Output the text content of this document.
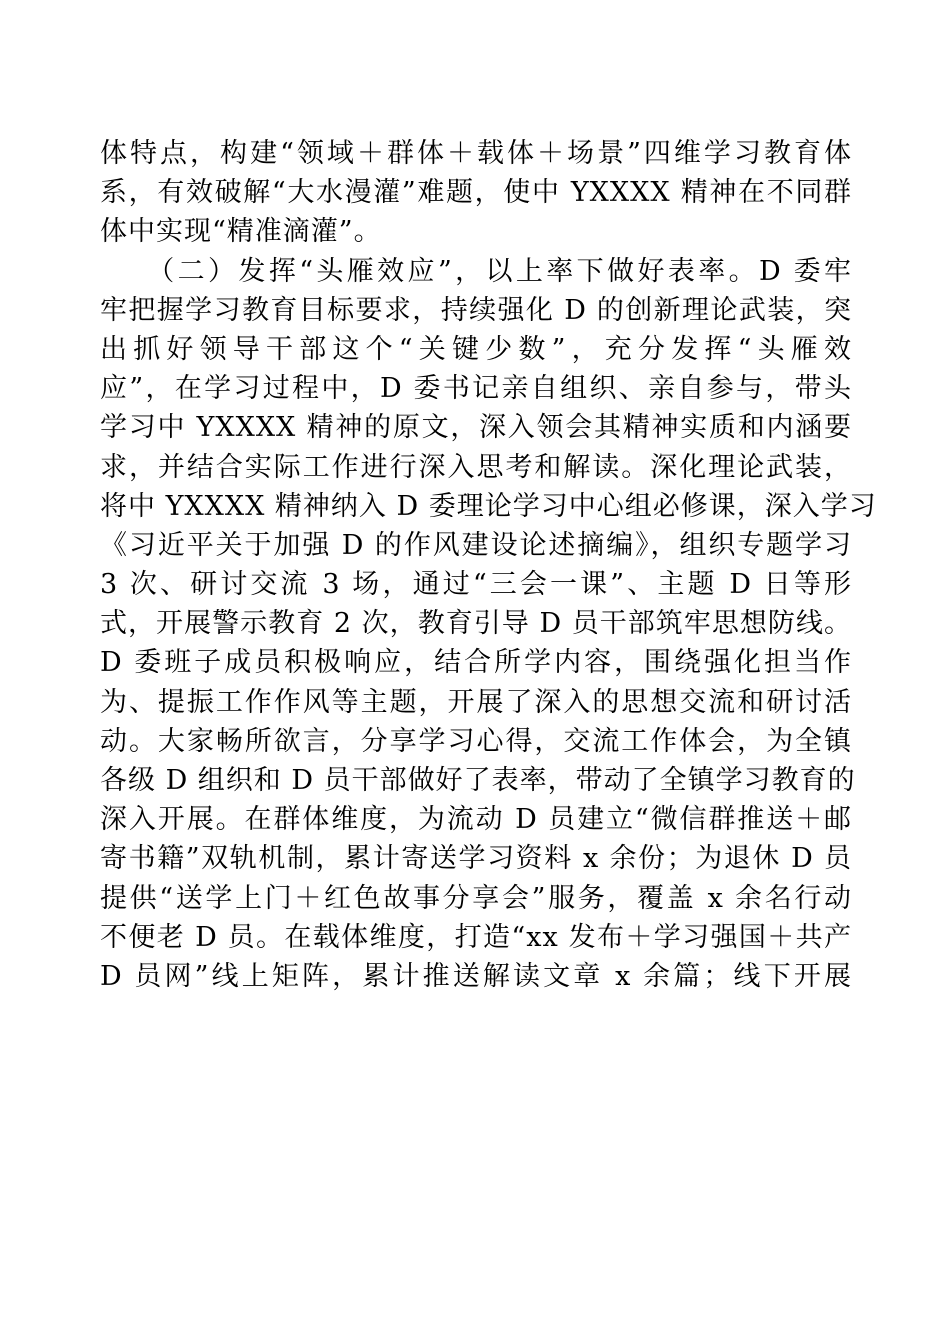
体特点，构建“领域＋群体＋载体＋场景”四维学习教育体
系，有效破解“大水漫灌”难题，使中 YXXXX 精神在不同群
体中实现“精准滴灌”。
　　（二）发挥“头雁效应”，以上率下做好表率。D 委牢
牢把握学习教育目标要求，持续强化 D 的创新理论武装，突
出抓好领导干部这个“关键少数”，充分发挥“头雁效
应”，在学习过程中，D 委书记亲自组织、亲自参与，带头
学习中 YXXXX 精神的原文，深入领会其精神实质和内涵要
求，并结合实际工作进行深入思考和解读。深化理论武装，
将中 YXXXX 精神纳入 D 委理论学习中心组必修课，深入学习
《习近平关于加强 D 的作风建设论述摘编》，组织专题学习
3 次、研讨交流 3 场，通过“三会一课”、主题 D 日等形
式，开展警示教育 2 次，教育引导 D 员干部筑牢思想防线。
D 委班子成员积极响应，结合所学内容，围绕强化担当作
为、提振工作作风等主题，开展了深入的思想交流和研讨活
动。大家畅所欲言，分享学习心得，交流工作体会，为全镇
各级 D 组织和 D 员干部做好了表率，带动了全镇学习教育的
深入开展。在群体维度，为流动 D 员建立“微信群推送＋邮
寄书籍”双轨机制，累计寄送学习资料 x 余份；为退休 D 员
提供“送学上门＋红色故事分享会”服务，覆盖 x 余名行动
不便老 D 员。在载体维度，打造“xx 发布＋学习强国＋共产
D 员网”线上矩阵，累计推送解读文章 x 余篇；线下开展
